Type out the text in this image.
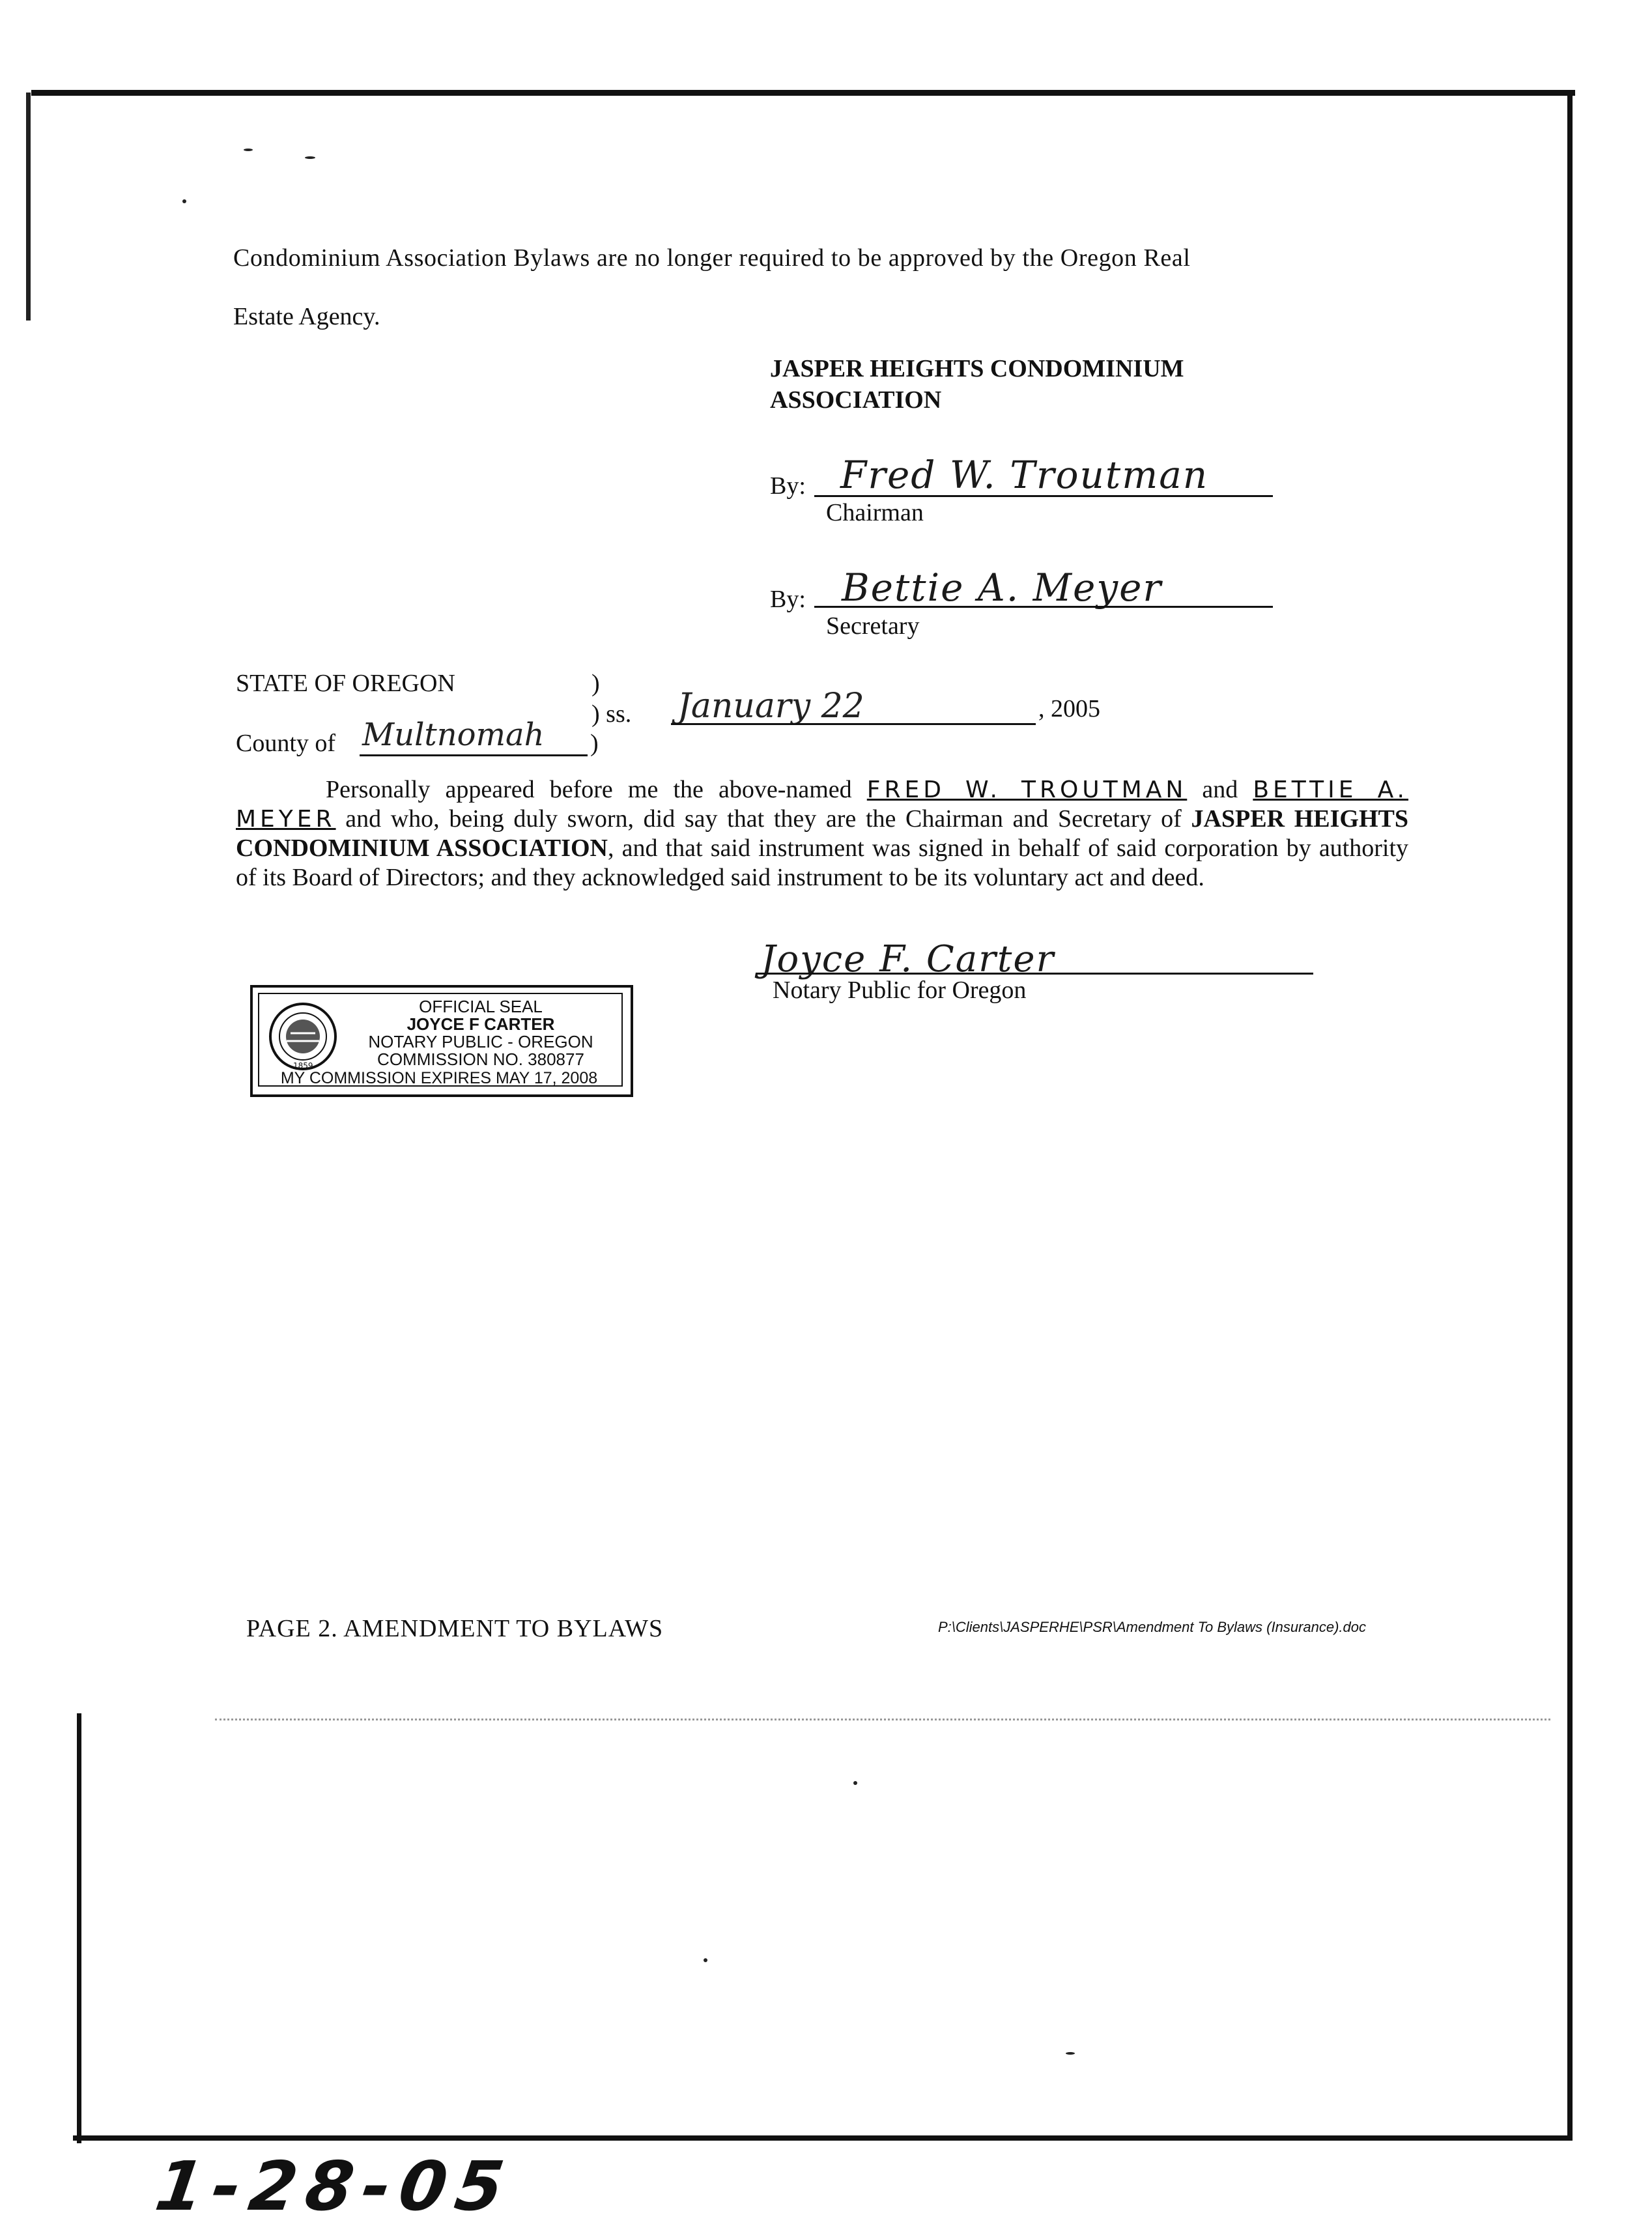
Condominium Association Bylaws are no longer required to be approved by the Oregon Real
Estate Agency.
JASPER HEIGHTS CONDOMINIUM
ASSOCIATION
By: Fred W. Troutman
Chairman
By: Bettie A. Meyer
Secretary
STATE OF OREGON	)
) ss. January 22	, 2005
County of Multnomah )
Personally appeared before me the above-named FRED W. TROUTMAN and BETTIE A. MEYER and who, being duly sworn, did say that they are the Chairman and Secretary of JASPER HEIGHTS CONDOMINIUM ASSOCIATION, and that said instrument was signed in behalf of said corporation by authority of its Board of Directors; and they acknowledged said instrument to be its voluntary act and deed.
Joyce F. Carter
Notary Public for Oregon
1859
OFFICIAL SEAL
JOYCE F CARTER
NOTARY PUBLIC - OREGON
COMMISSION NO. 380877
MY COMMISSION EXPIRES MAY 17, 2008
PAGE 2. AMENDMENT TO BYLAWS	P:\Clients\JASPERHE\PSR\Amendment To Bylaws (Insurance).doc
1-28-05
